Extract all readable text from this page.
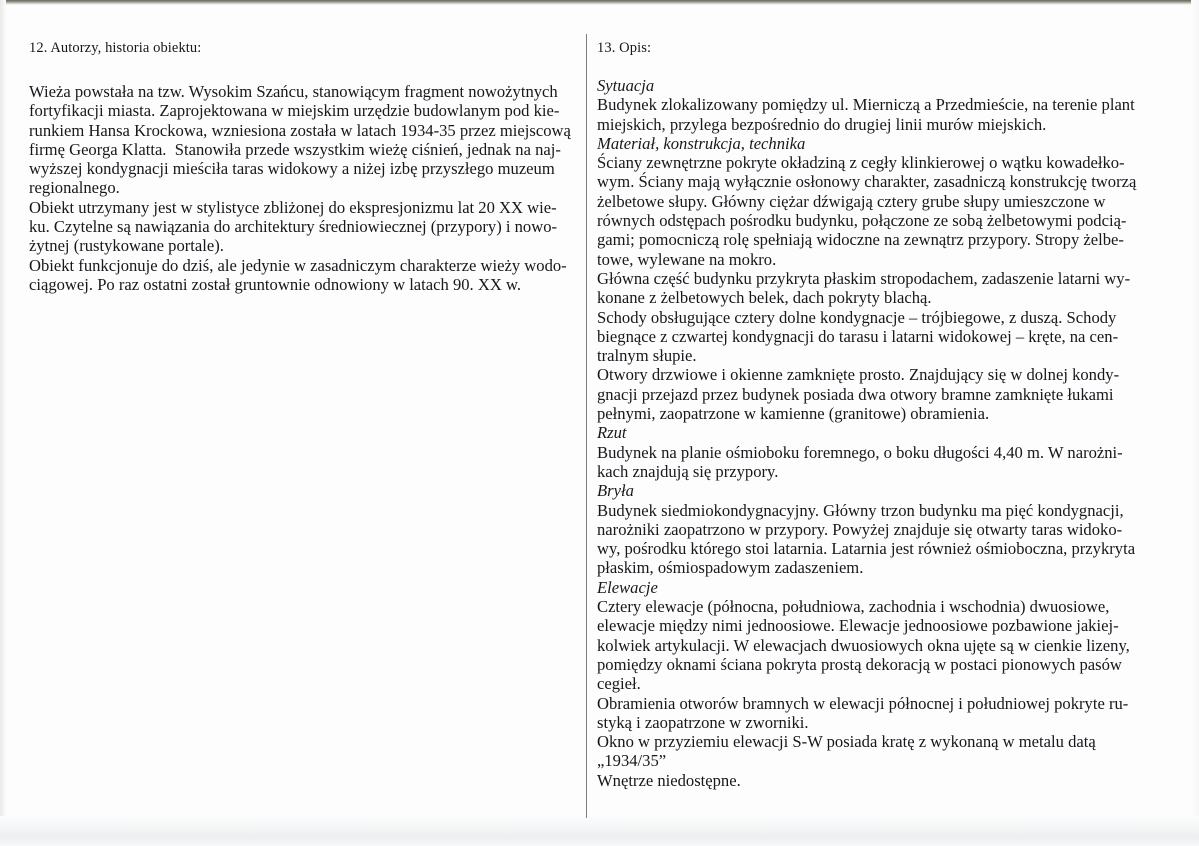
12. Autorzy, historia obiektu:	13. Opis:

Wieża powstała na tzw. Wysokim Szańcu, stanowiącym fragment nowożytnych
fortyfikacji miasta. Zaprojektowana w miejskim urzędzie budowlanym pod kie-
runkiem Hansa Krockowa, wzniesiona została w latach 1934-35 przez miejscową
firmę Georga Klatta.  Stanowiła przede wszystkim wieżę ciśnień, jednak na naj-
wyższej kondygnacji mieściła taras widokowy a niżej izbę przyszłego muzeum
regionalnego.

Obiekt utrzymany jest w stylistyce zbliżonej do ekspresjonizmu lat 20 XX wie-
ku. Czytelne są nawiązania do architektury średniowiecznej (przypory) i nowo-
żytnej (rustykowane portale).

Obiekt funkcjonuje do dziś, ale jedynie w zasadniczym charakterze wieży wodo-
ciągowej. Po raz ostatni został gruntownie odnowiony w latach 90. XX w.

Sytuacja

Budynek zlokalizowany pomiędzy ul. Mierniczą a Przedmieście, na terenie plant
miejskich, przylega bezpośrednio do drugiej linii murów miejskich.

Materiał, konstrukcja, technika

Ściany zewnętrzne pokryte okładziną z cegły klinkierowej o wątku kowadełko-
wym. Ściany mają wyłącznie osłonowy charakter, zasadniczą konstrukcję tworzą
żelbetowe słupy. Główny ciężar dźwigają cztery grube słupy umieszczone w
równych odstępach pośrodku budynku, połączone ze sobą żelbetowymi podcią-
gami; pomocniczą rolę spełniają widoczne na zewnątrz przypory. Stropy żelbe-
towe, wylewane na mokro.

Główna część budynku przykryta płaskim stropodachem, zadaszenie latarni wy-
konane z żelbetowych belek, dach pokryty blachą.

Schody obsługujące cztery dolne kondygnacje – trójbiegowe, z duszą. Schody
biegnące z czwartej kondygnacji do tarasu i latarni widokowej – kręte, na cen-
tralnym słupie.

Otwory drzwiowe i okienne zamknięte prosto. Znajdujący się w dolnej kondy-
gnacji przejazd przez budynek posiada dwa otwory bramne zamknięte łukami
pełnymi, zaopatrzone w kamienne (granitowe) obramienia.

Rzut

Budynek na planie ośmioboku foremnego, o boku długości 4,40 m. W narożni-
kach znajdują się przypory.

Bryła

Budynek siedmiokondygnacyjny. Główny trzon budynku ma pięć kondygnacji,
narożniki zaopatrzono w przypory. Powyżej znajduje się otwarty taras widoko-
wy, pośrodku którego stoi latarnia. Latarnia jest również ośmioboczna, przykryta
płaskim, ośmiospadowym zadaszeniem.

Elewacje

Cztery elewacje (północna, południowa, zachodnia i wschodnia) dwuosiowe,
elewacje między nimi jednoosiowe. Elewacje jednoosiowe pozbawione jakiej-
kolwiek artykulacji. W elewacjach dwuosiowych okna ujęte są w cienkie lizeny,
pomiędzy oknami ściana pokryta prostą dekoracją w postaci pionowych pasów
cegieł.

Obramienia otworów bramnych w elewacji północnej i południowej pokryte ru-
styką i zaopatrzone w zworniki.

Okno w przyziemiu elewacji S-W posiada kratę z wykonaną w metalu datą
„1934/35”

Wnętrze niedostępne.
